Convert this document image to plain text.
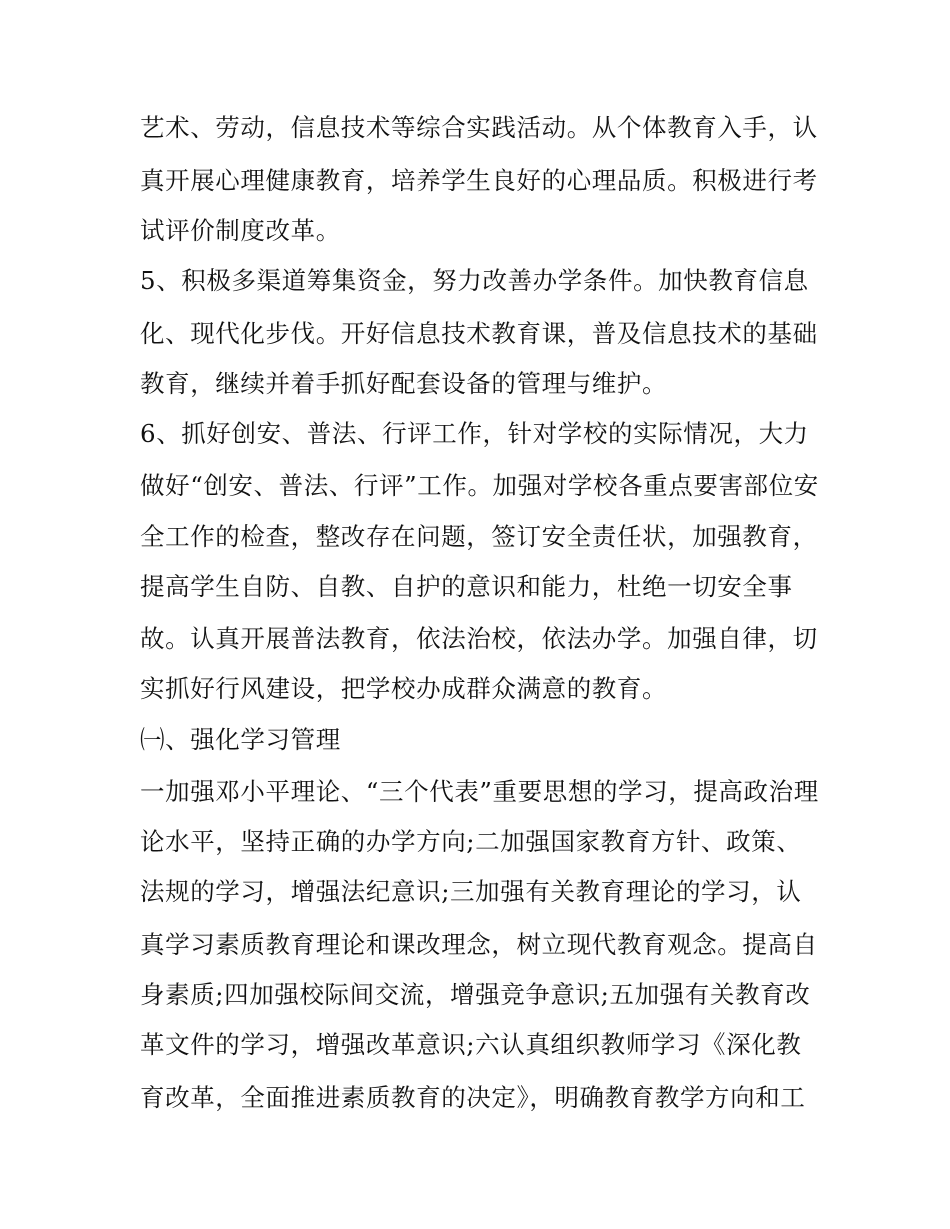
艺术、劳动，信息技术等综合实践活动。从个体教育入手，认
真开展心理健康教育，培养学生良好的心理品质。积极进行考
试评价制度改革。
5、积极多渠道筹集资金，努力改善办学条件。加快教育信息
化、现代化步伐。开好信息技术教育课，普及信息技术的基础
教育，继续并着手抓好配套设备的管理与维护。
6、抓好创安、普法、行评工作，针对学校的实际情况，大力
做好“创安、普法、行评”工作。加强对学校各重点要害部位安
全工作的检查，整改存在问题，签订安全责任状，加强教育，
提高学生自防、自教、自护的意识和能力，杜绝一切安全事
故。认真开展普法教育，依法治校，依法办学。加强自律，切
实抓好行风建设，把学校办成群众满意的教育。
㈠、强化学习管理
一加强邓小平理论、“三个代表”重要思想的学习，提高政治理
论水平，坚持正确的办学方向;二加强国家教育方针、政策、
法规的学习，增强法纪意识;三加强有关教育理论的学习，认
真学习素质教育理论和课改理念，树立现代教育观念。提高自
身素质;四加强校际间交流，增强竞争意识;五加强有关教育改
革文件的学习，增强改革意识;六认真组织教师学习《深化教
育改革，全面推进素质教育的决定》，明确教育教学方向和工
